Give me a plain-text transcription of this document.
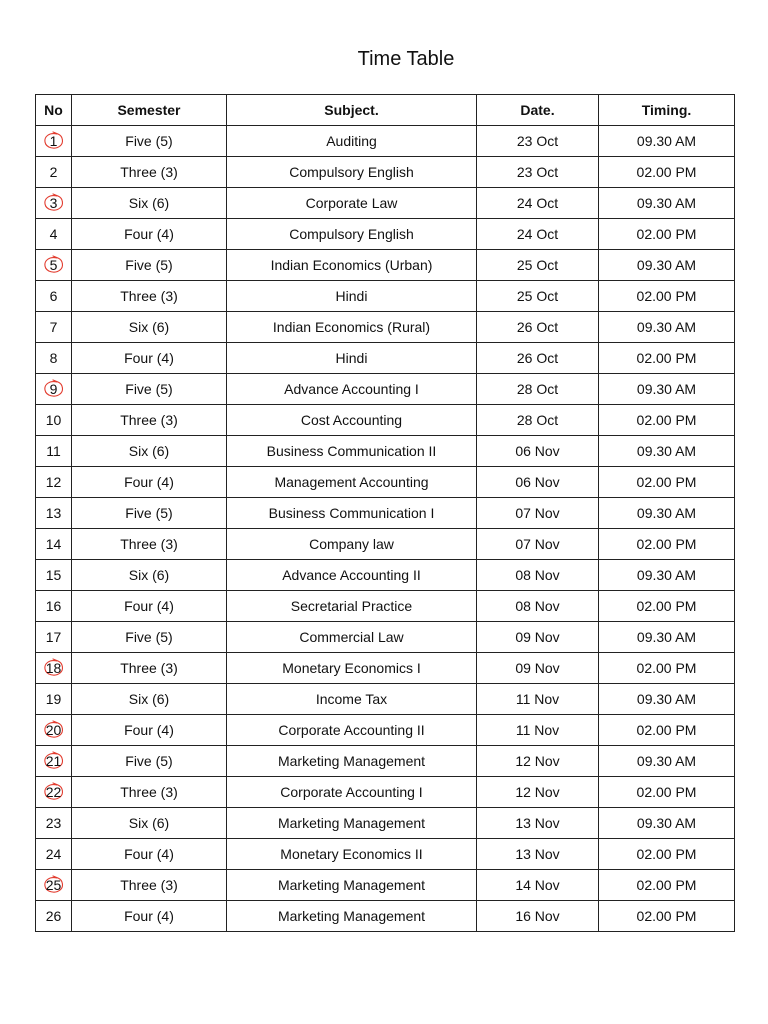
Time Table
No	Semester	Subject.	Date.	Timing.
1	Five (5)	Auditing	23 Oct	09.30 AM
2	Three (3)	Compulsory English	23 Oct	02.00 PM
3	Six (6)	Corporate Law	24 Oct	09.30 AM
4	Four (4)	Compulsory English	24 Oct	02.00 PM
5	Five (5)	Indian Economics (Urban)	25 Oct	09.30 AM
6	Three (3)	Hindi	25 Oct	02.00 PM
7	Six (6)	Indian Economics (Rural)	26 Oct	09.30 AM
8	Four (4)	Hindi	26 Oct	02.00 PM
9	Five (5)	Advance Accounting I	28 Oct	09.30 AM
10	Three (3)	Cost Accounting	28 Oct	02.00 PM
11	Six (6)	Business Communication II	06 Nov	09.30 AM
12	Four (4)	Management Accounting	06 Nov	02.00 PM
13	Five (5)	Business Communication I	07 Nov	09.30 AM
14	Three (3)	Company law	07 Nov	02.00 PM
15	Six (6)	Advance Accounting II	08 Nov	09.30 AM
16	Four (4)	Secretarial Practice	08 Nov	02.00 PM
17	Five (5)	Commercial Law	09 Nov	09.30 AM
18	Three (3)	Monetary Economics I	09 Nov	02.00 PM
19	Six (6)	Income Tax	11 Nov	09.30 AM
20	Four (4)	Corporate Accounting II	11 Nov	02.00 PM
21	Five (5)	Marketing Management	12 Nov	09.30 AM
22	Three (3)	Corporate Accounting I	12 Nov	02.00 PM
23	Six (6)	Marketing Management	13 Nov	09.30 AM
24	Four (4)	Monetary Economics II	13 Nov	02.00 PM
25	Three (3)	Marketing Management	14 Nov	02.00 PM
26	Four (4)	Marketing Management	16 Nov	02.00 PM
